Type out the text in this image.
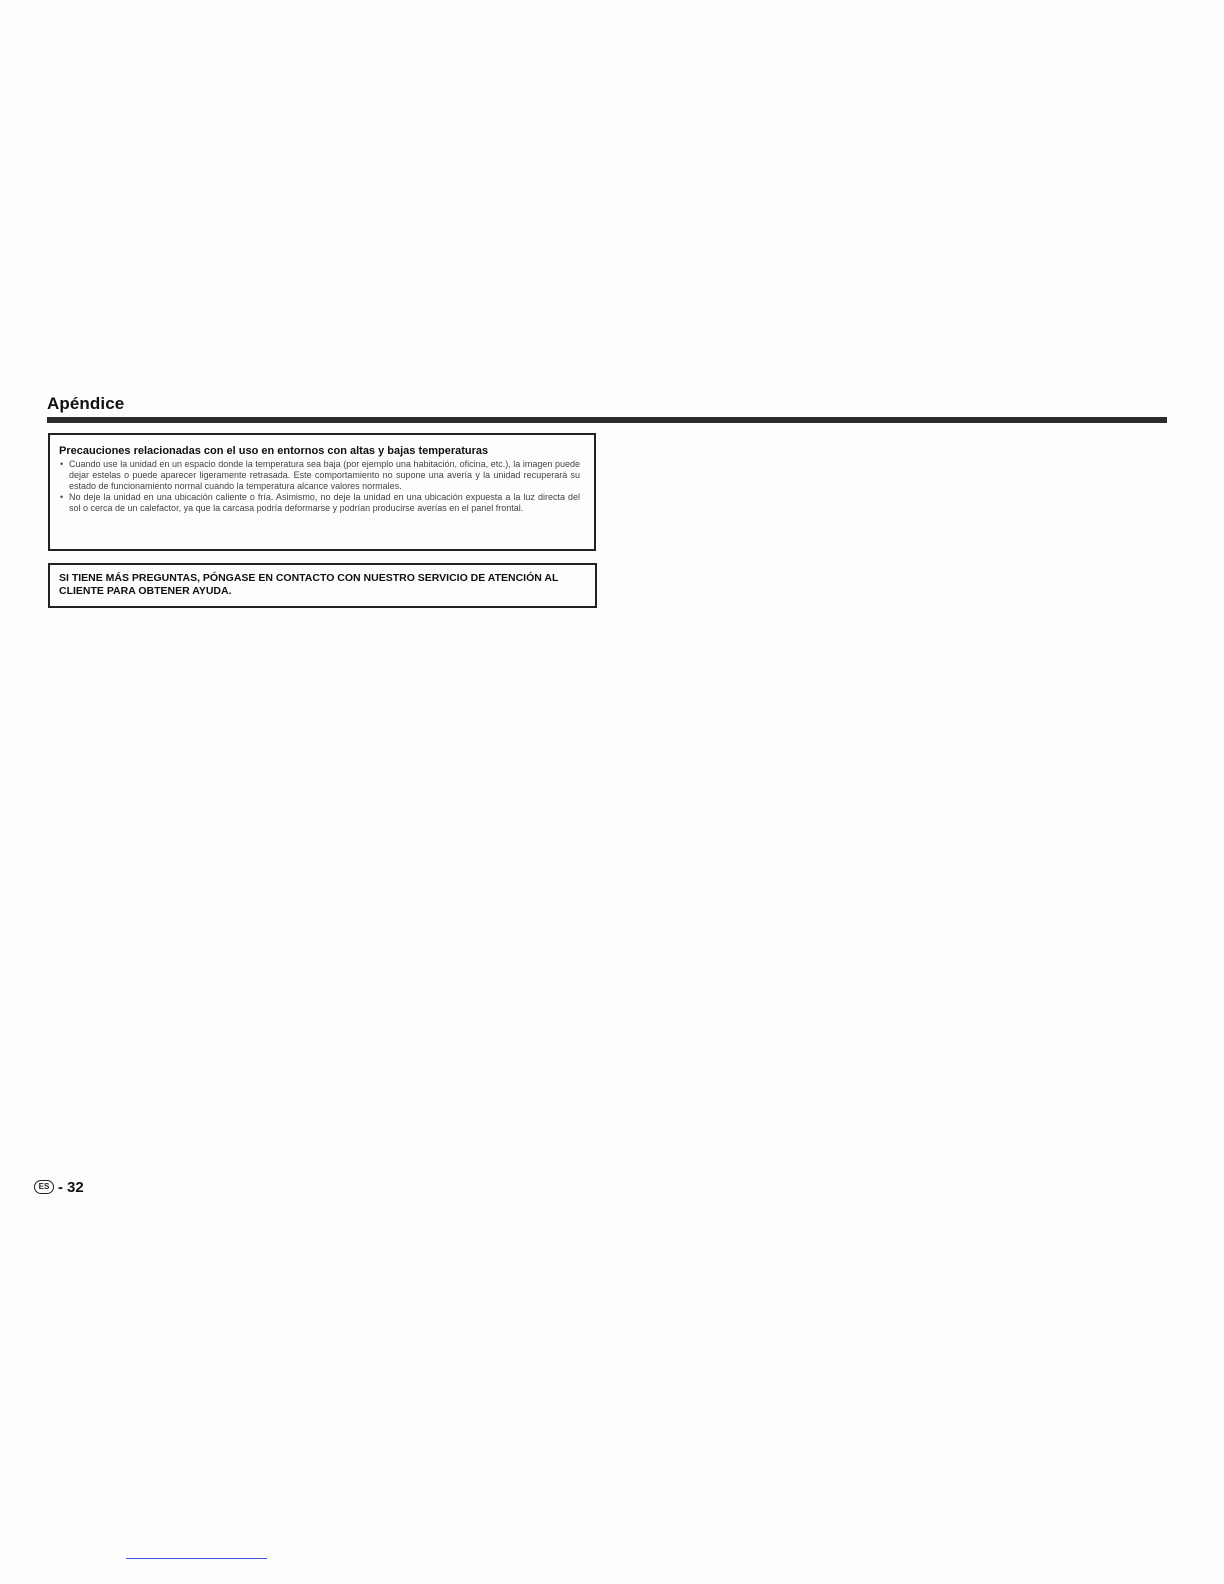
Apéndice

Precauciones relacionadas con el uso en entornos con altas y bajas temperaturas

• Cuando use la unidad en un espacio donde la temperatura sea baja (por ejemplo una habitación, oficina, etc.), la imagen puede dejar estelas o puede aparecer ligeramente retrasada. Este comportamiento no supone una avería y la unidad recuperará su estado de funcionamiento normal cuando la temperatura alcance valores normales.
• No deje la unidad en una ubicación caliente o fría. Asimismo, no deje la unidad en una ubicación expuesta a la luz directa del sol o cerca de un calefactor, ya que la carcasa podría deformarse y podrían producirse averías en el panel frontal.

SI TIENE MÁS PREGUNTAS, PÓNGASE EN CONTACTO CON NUESTRO SERVICIO DE ATENCIÓN AL CLIENTE PARA OBTENER AYUDA.

ES - 32
